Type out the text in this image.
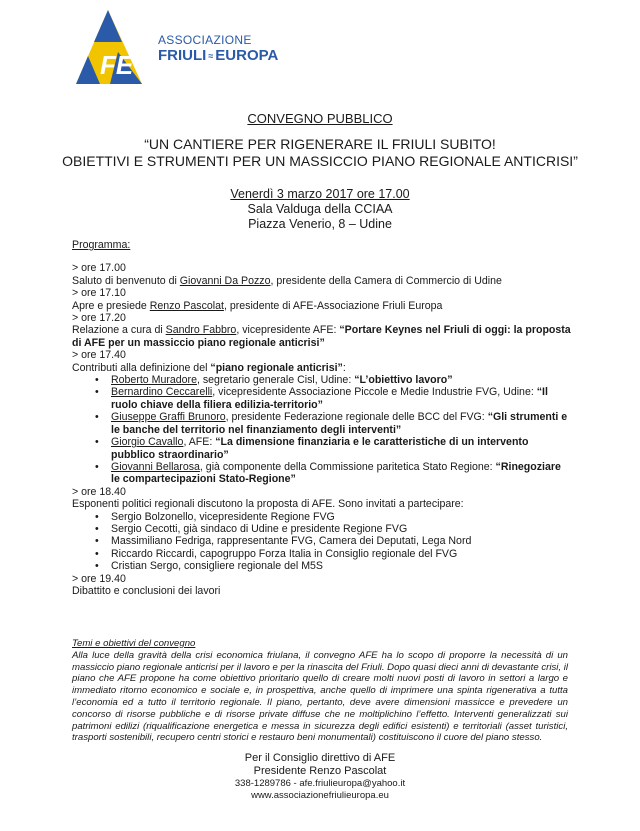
FE
ASSOCIAZIONE
FRIULI ≈ EUROPA
CONVEGNO PUBBLICO
“UN CANTIERE PER RIGENERARE IL FRIULI SUBITO!
OBIETTIVI E STRUMENTI PER UN MASSICCIO PIANO REGIONALE ANTICRISI”
Venerdì 3 marzo 2017 ore 17.00
Sala Valduga della CCIAA
Piazza Venerio, 8 – Udine
Programma:

> ore 17.00

Saluto di benvenuto di Giovanni Da Pozzo, presidente della Camera di Commercio di Udine

> ore 17.10

Apre e presiede Renzo Pascolat, presidente di AFE-Associazione Friuli Europa

> ore 17.20

Relazione a cura di Sandro Fabbro, vicepresidente AFE: “Portare Keynes nel Friuli di oggi: la proposta di AFE per un massiccio piano regionale anticrisi”

> ore 17.40

Contributi alla definizione del “piano regionale anticrisi”:

• Roberto Muradore, segretario generale Cisl, Udine: “L’obiettivo lavoro”
• Bernardino Ceccarelli, vicepresidente Associazione Piccole e Medie Industrie FVG, Udine: “Il ruolo chiave della filiera edilizia-territorio”
• Giuseppe Graffi Brunoro, presidente Federazione regionale delle BCC del FVG: “Gli strumenti e le banche del territorio nel finanziamento degli interventi”
• Giorgio Cavallo, AFE: “La dimensione finanziaria e le caratteristiche di un intervento pubblico straordinario”
• Giovanni Bellarosa, già componente della Commissione paritetica Stato Regione: “Rinegoziare le compartecipazioni Stato-Regione”

> ore 18.40

Esponenti politici regionali discutono la proposta di AFE. Sono invitati a partecipare:

• Sergio Bolzonello, vicepresidente Regione FVG
• Sergio Cecotti, già sindaco di Udine e presidente Regione FVG
• Massimiliano Fedriga, rappresentante FVG, Camera dei Deputati, Lega Nord
• Riccardo Riccardi, capogruppo Forza Italia in Consiglio regionale del FVG
• Cristian Sergo, consigliere regionale del M5S

> ore 19.40

Dibattito e conclusioni dei lavori

Temi e obiettivi del convegno
Alla luce della gravità della crisi economica friulana, il convegno AFE ha lo scopo di proporre la necessità di un massiccio piano regionale anticrisi per il lavoro e per la rinascita del Friuli. Dopo quasi dieci anni di devastante crisi, il piano che AFE propone ha come obiettivo prioritario quello di creare molti nuovi posti di lavoro in settori a largo e immediato ritorno economico e sociale e, in prospettiva, anche quello di imprimere una spinta rigenerativa a tutta l’economia ed a tutto il territorio regionale. Il piano, pertanto, deve avere dimensioni massicce e prevedere un concorso di risorse pubbliche e di risorse private diffuse che ne moltiplichino l’effetto. Interventi generalizzati sui patrimoni edilizi (riqualificazione energetica e messa in sicurezza degli edifici esistenti) e territoriali (asset turistici, trasporti sostenibili, recupero centri storici e restauro beni monumentali) costituiscono il cuore del piano stesso.
Per il Consiglio direttivo di AFE
Presidente Renzo Pascolat
338-1289786 - afe.friulieuropa@yahoo.it
www.associazionefriulieuropa.eu
